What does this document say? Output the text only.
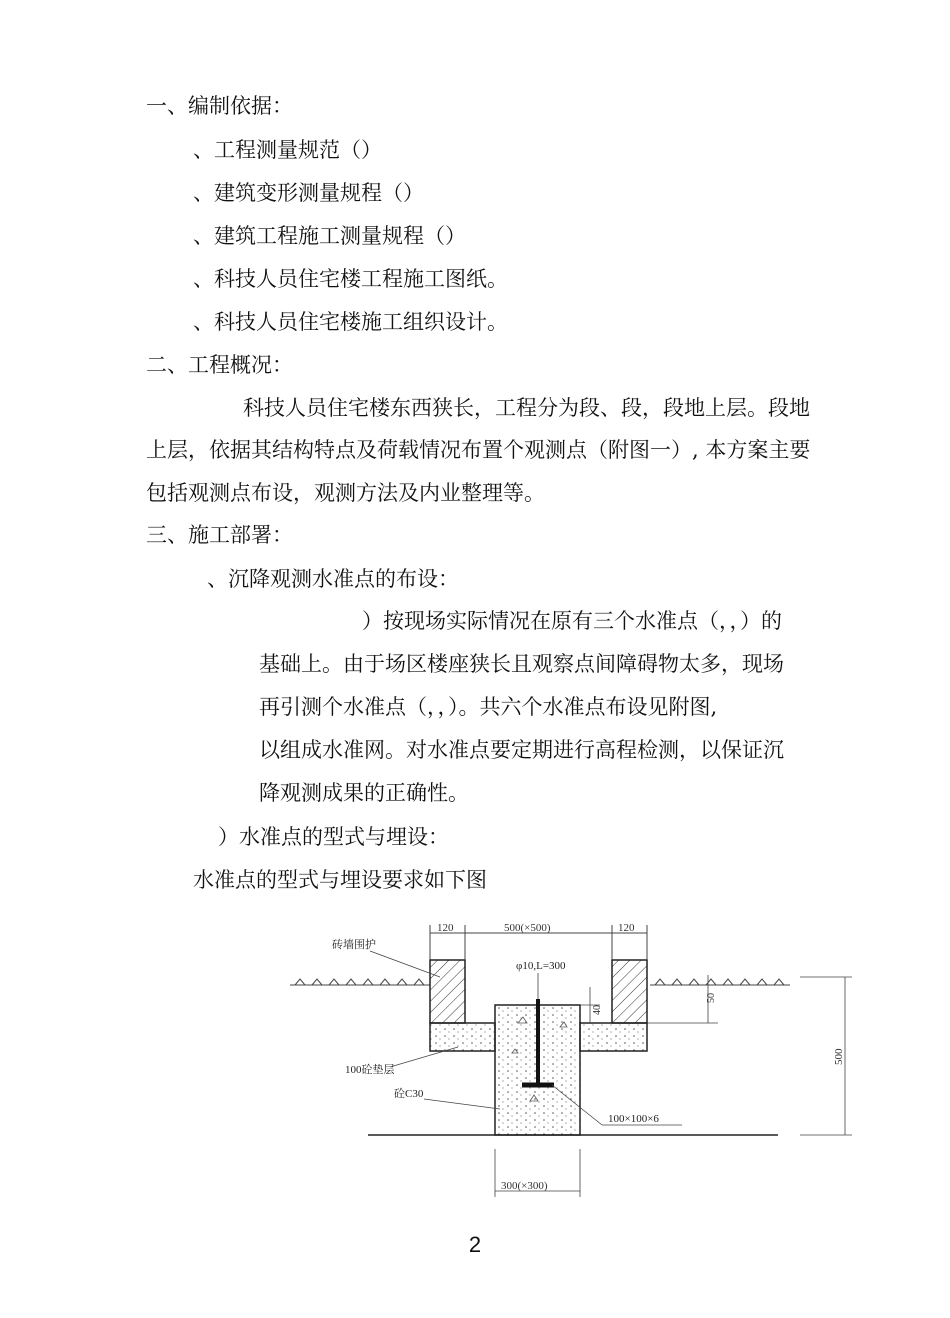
一、编制依据：
、工程测量规范（）
、建筑变形测量规程（）
、建筑工程施工测量规程（）
、科技人员住宅楼工程施工图纸。
、科技人员住宅楼施工组织设计。
二、工程概况：
科技人员住宅楼东西狭长，工程分为段、段，段地上层。段地
上层，依据其结构特点及荷载情况布置个观测点（附图一）, 本方案主要
包括观测点布设，观测方法及内业整理等。
三、施工部署：
、沉降观测水准点的布设：
）按现场实际情况在原有三个水准点（，，）的
基础上。由于场区楼座狭长且观察点间障碍物太多，现场
再引测个水准点（，，）。共六个水准点布设见附图,
以组成水准网。对水准点要定期进行高程检测，以保证沉
降观测成果的正确性。
）水准点的型式与埋设：
水准点的型式与埋设要求如下图
120	500(×500)	120
砖墙围护
φ10,L=300
40
50
500
100砼垫层
砼C30
100×100×6
300(×300)
2
